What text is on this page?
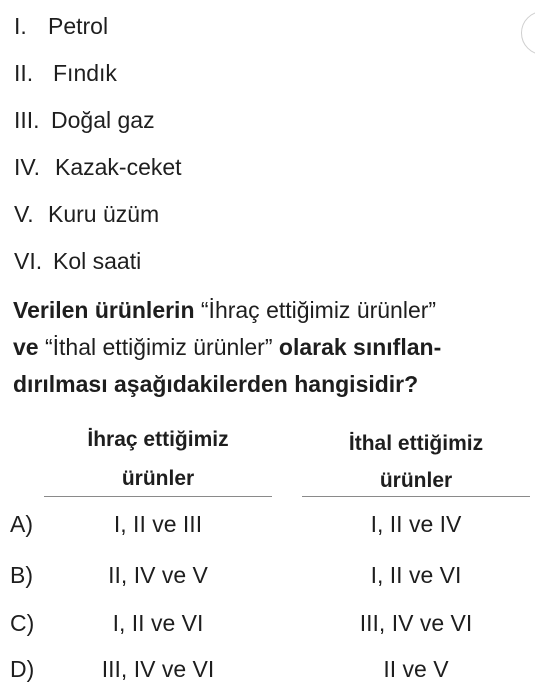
I. Petrol
II. Fındık
III. Doğal gaz
IV. Kazak-ceket
V. Kuru üzüm
VI. Kol saati
Verilen ürünlerin “İhraç ettiğimiz ürünler”
ve “İthal ettiğimiz ürünler” olarak sınıflan-
dırılması aşağıdakilerden hangisidir?
İhraç ettiğimiz
ürünler
İthal ettiğimiz
ürünler
A)	I, II ve III	I, II ve IV
B)	II, IV ve V	I, II ve VI
C)	I, II ve VI	III, IV ve VI
D)	III, IV ve VI	II ve V
